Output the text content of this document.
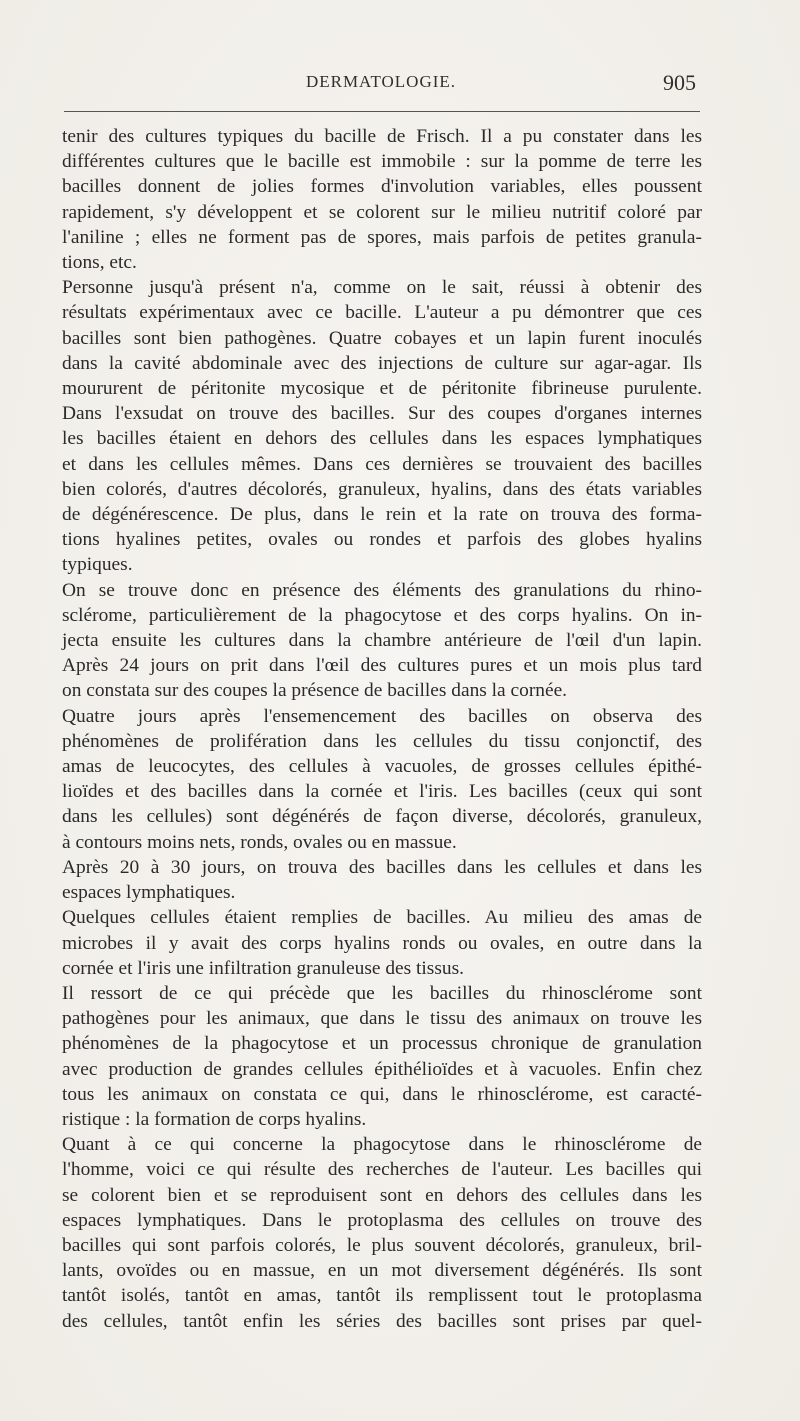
DERMATOLOGIE.	905
tenir des cultures typiques du bacille de Frisch. Il a pu constater dans les
différentes cultures que le bacille est immobile : sur la pomme de terre les
bacilles donnent de jolies formes d'involution variables, elles poussent
rapidement, s'y développent et se colorent sur le milieu nutritif coloré par
l'aniline ; elles ne forment pas de spores, mais parfois de petites granula-
tions, etc.
Personne jusqu'à présent n'a, comme on le sait, réussi à obtenir des
résultats expérimentaux avec ce bacille. L'auteur a pu démontrer que ces
bacilles sont bien pathogènes. Quatre cobayes et un lapin furent inoculés
dans la cavité abdominale avec des injections de culture sur agar-agar. Ils
moururent de péritonite mycosique et de péritonite fibrineuse purulente.
Dans l'exsudat on trouve des bacilles. Sur des coupes d'organes internes
les bacilles étaient en dehors des cellules dans les espaces lymphatiques
et dans les cellules mêmes. Dans ces dernières se trouvaient des bacilles
bien colorés, d'autres décolorés, granuleux, hyalins, dans des états variables
de dégénérescence. De plus, dans le rein et la rate on trouva des forma-
tions hyalines petites, ovales ou rondes et parfois des globes hyalins
typiques.
On se trouve donc en présence des éléments des granulations du rhino-
sclérome, particulièrement de la phagocytose et des corps hyalins. On in-
jecta ensuite les cultures dans la chambre antérieure de l'œil d'un lapin.
Après 24 jours on prit dans l'œil des cultures pures et un mois plus tard
on constata sur des coupes la présence de bacilles dans la cornée.
Quatre jours après l'ensemencement des bacilles on observa des
phénomènes de prolifération dans les cellules du tissu conjonctif, des
amas de leucocytes, des cellules à vacuoles, de grosses cellules épithé-
lioïdes et des bacilles dans la cornée et l'iris. Les bacilles (ceux qui sont
dans les cellules) sont dégénérés de façon diverse, décolorés, granuleux,
à contours moins nets, ronds, ovales ou en massue.
Après 20 à 30 jours, on trouva des bacilles dans les cellules et dans les
espaces lymphatiques.
Quelques cellules étaient remplies de bacilles. Au milieu des amas de
microbes il y avait des corps hyalins ronds ou ovales, en outre dans la
cornée et l'iris une infiltration granuleuse des tissus.
Il ressort de ce qui précède que les bacilles du rhinosclérome sont
pathogènes pour les animaux, que dans le tissu des animaux on trouve les
phénomènes de la phagocytose et un processus chronique de granulation
avec production de grandes cellules épithélioïdes et à vacuoles. Enfin chez
tous les animaux on constata ce qui, dans le rhinosclérome, est caracté-
ristique : la formation de corps hyalins.
Quant à ce qui concerne la phagocytose dans le rhinosclérome de
l'homme, voici ce qui résulte des recherches de l'auteur. Les bacilles qui
se colorent bien et se reproduisent sont en dehors des cellules dans les
espaces lymphatiques. Dans le protoplasma des cellules on trouve des
bacilles qui sont parfois colorés, le plus souvent décolorés, granuleux, bril-
lants, ovoïdes ou en massue, en un mot diversement dégénérés. Ils sont
tantôt isolés, tantôt en amas, tantôt ils remplissent tout le protoplasma
des cellules, tantôt enfin les séries des bacilles sont prises par quel-
